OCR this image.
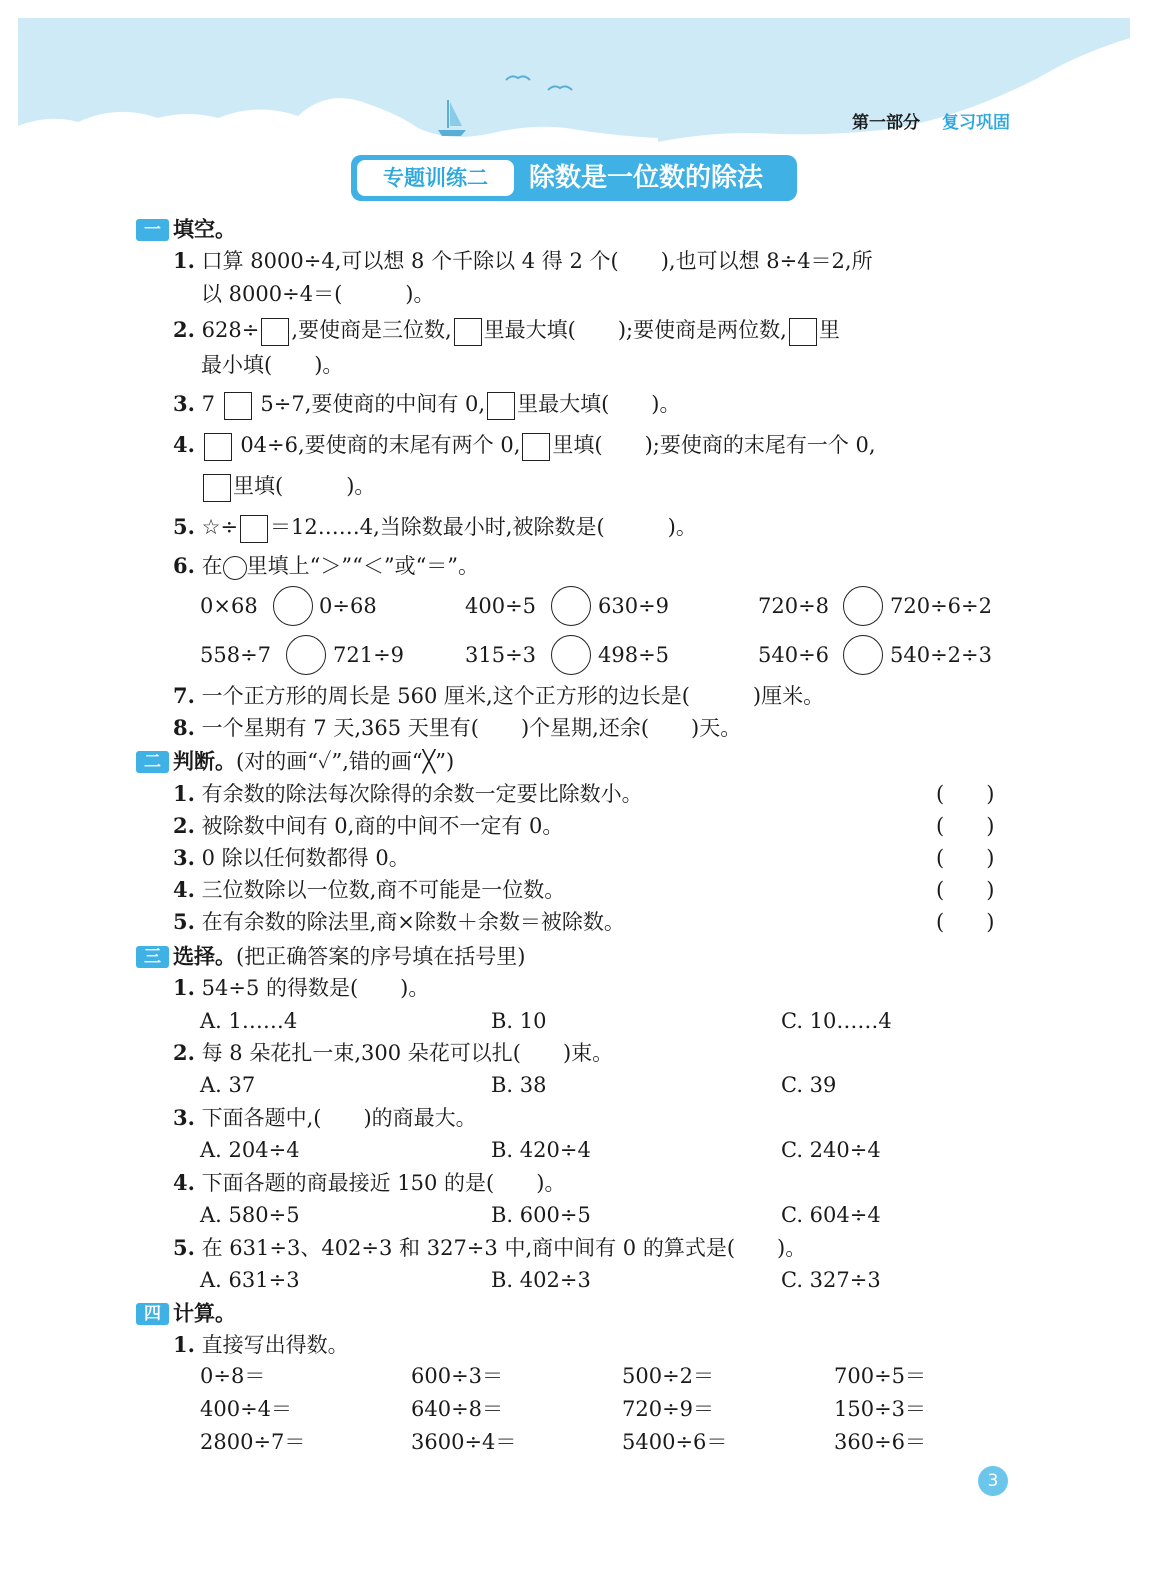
第一部分 复习巩固
专题训练二	除数是一位数的除法
一 填空。
1. 口算 8000÷4,可以想 8 个千除以 4 得 2 个(　　),也可以想 8÷4＝2,所
以 8000÷4＝(　　　)。
2. 628÷ ,要使商是三位数, 里最大填(　　);要使商是两位数, 里
最小填(　　)。
3. 7 5÷7,要使商的中间有 0, 里最大填(　　)。
4. 04÷6,要使商的末尾有两个 0, 里填(　　);要使商的末尾有一个 0,
里填(　　　)。
5. ☆÷ ＝12……4,当除数最小时,被除数是(　　　)。
6. 在 里填上“＞”“＜”或“＝”。
0×68	0÷68	400÷5	630÷9	720÷8	720÷6÷2
558÷7	721÷9	315÷3	498÷5	540÷6	540÷2÷3
7. 一个正方形的周长是 560 厘米,这个正方形的边长是(　　　)厘米。
8. 一个星期有 7 天,365 天里有(　　)个星期,还余(　　)天。
二 判断。(对的画“✓”,错的画“╳”)
1. 有余数的除法每次除得的余数一定要比除数小。	(　　)
2. 被除数中间有 0,商的中间不一定有 0。	(　　)
3. 0 除以任何数都得 0。	(　　)
4. 三位数除以一位数,商不可能是一位数。	(　　)
5. 在有余数的除法里,商×除数＋余数＝被除数。	(　　)
三 选择。(把正确答案的序号填在括号里)
1. 54÷5 的得数是(　　)。
A. 1……4	B. 10	C. 10……4
2. 每 8 朵花扎一束,300 朵花可以扎(　　)束。
A. 37	B. 38	C. 39
3. 下面各题中,(　　)的商最大。
A. 204÷4	B. 420÷4	C. 240÷4
4. 下面各题的商最接近 150 的是(　　)。
A. 580÷5	B. 600÷5	C. 604÷4
5. 在 631÷3、402÷3 和 327÷3 中,商中间有 0 的算式是(　　)。
A. 631÷3	B. 402÷3	C. 327÷3
四 计算。
1. 直接写出得数。
0÷8＝	600÷3＝	500÷2＝	700÷5＝
400÷4＝	640÷8＝	720÷9＝	150÷3＝
2800÷7＝	3600÷4＝	5400÷6＝	360÷6＝
3
